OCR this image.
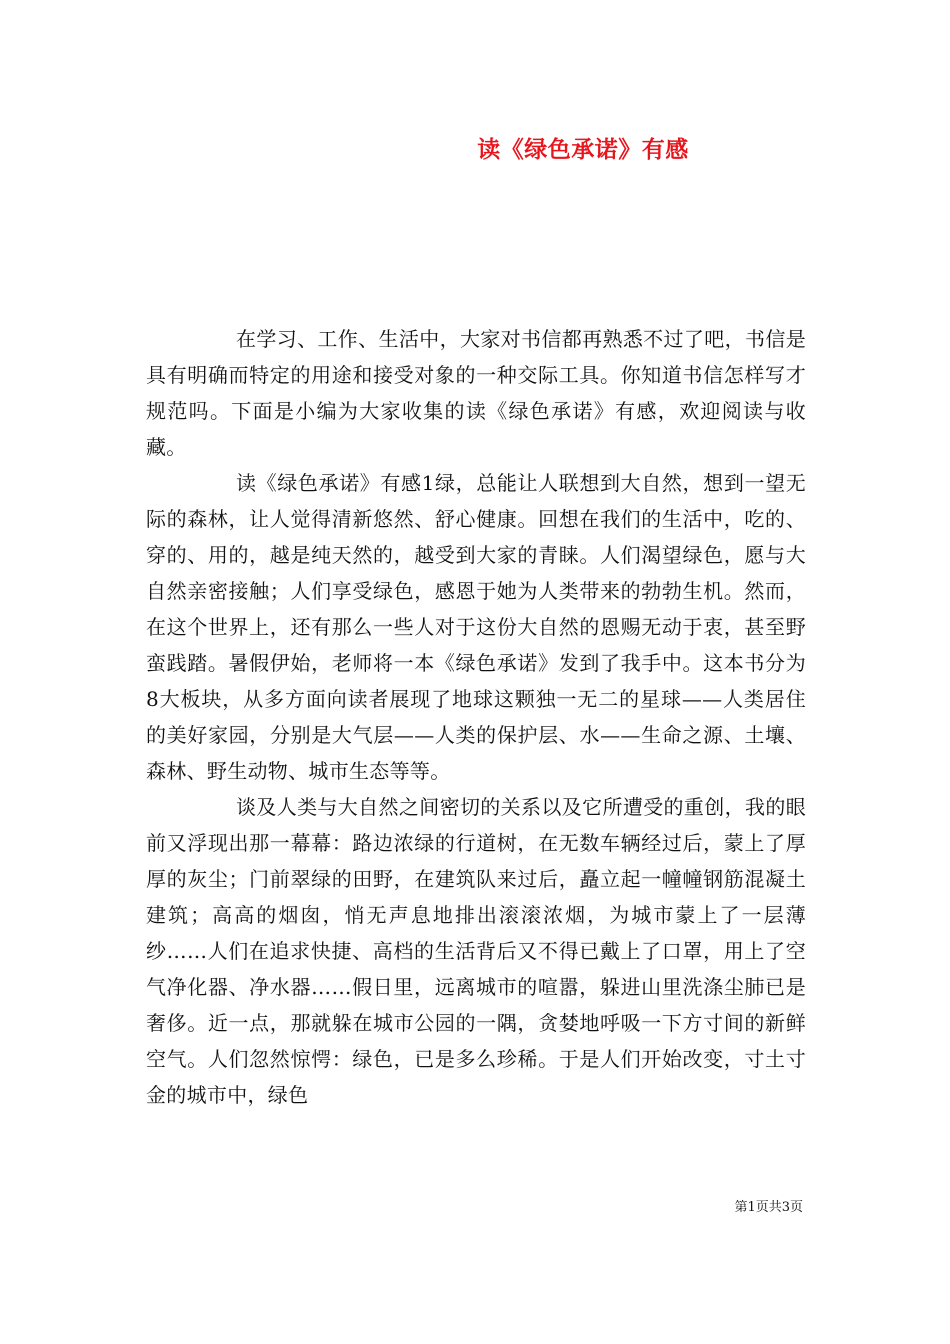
读《绿色承诺》有感

在学习、工作、生活中，大家对书信都再熟悉不过了吧，书信是具有明确而特定的用途和接受对象的一种交际工具。你知道书信怎样写才规范吗。下面是小编为大家收集的读《绿色承诺》有感，欢迎阅读与收藏。

读《绿色承诺》有感1绿，总能让人联想到大自然，想到一望无际的森林，让人觉得清新悠然、舒心健康。回想在我们的生活中，吃的、穿的、用的，越是纯天然的，越受到大家的青睐。人们渴望绿色，愿与大自然亲密接触；人们享受绿色，感恩于她为人类带来的勃勃生机。然而，在这个世界上，还有那么一些人对于这份大自然的恩赐无动于衷，甚至野蛮践踏。暑假伊始，老师将一本《绿色承诺》发到了我手中。这本书分为8大板块，从多方面向读者展现了地球这颗独一无二的星球——人类居住的美好家园，分别是大气层——人类的保护层、水——生命之源、土壤、森林、野生动物、城市生态等等。

谈及人类与大自然之间密切的关系以及它所遭受的重创，我的眼前又浮现出那一幕幕：路边浓绿的行道树，在无数车辆经过后，蒙上了厚厚的灰尘；门前翠绿的田野，在建筑队来过后，矗立起一幢幢钢筋混凝土建筑；高高的烟囱，悄无声息地排出滚滚浓烟，为城市蒙上了一层薄纱……人们在追求快捷、高档的生活背后又不得已戴上了口罩，用上了空气净化器、净水器……假日里，远离城市的喧嚣，躲进山里洗涤尘肺已是奢侈。近一点，那就躲在城市公园的一隅，贪婪地呼吸一下方寸间的新鲜空气。人们忽然惊愕：绿色，已是多么珍稀。于是人们开始改变，寸土寸金的城市中，绿色

第1页共3页
